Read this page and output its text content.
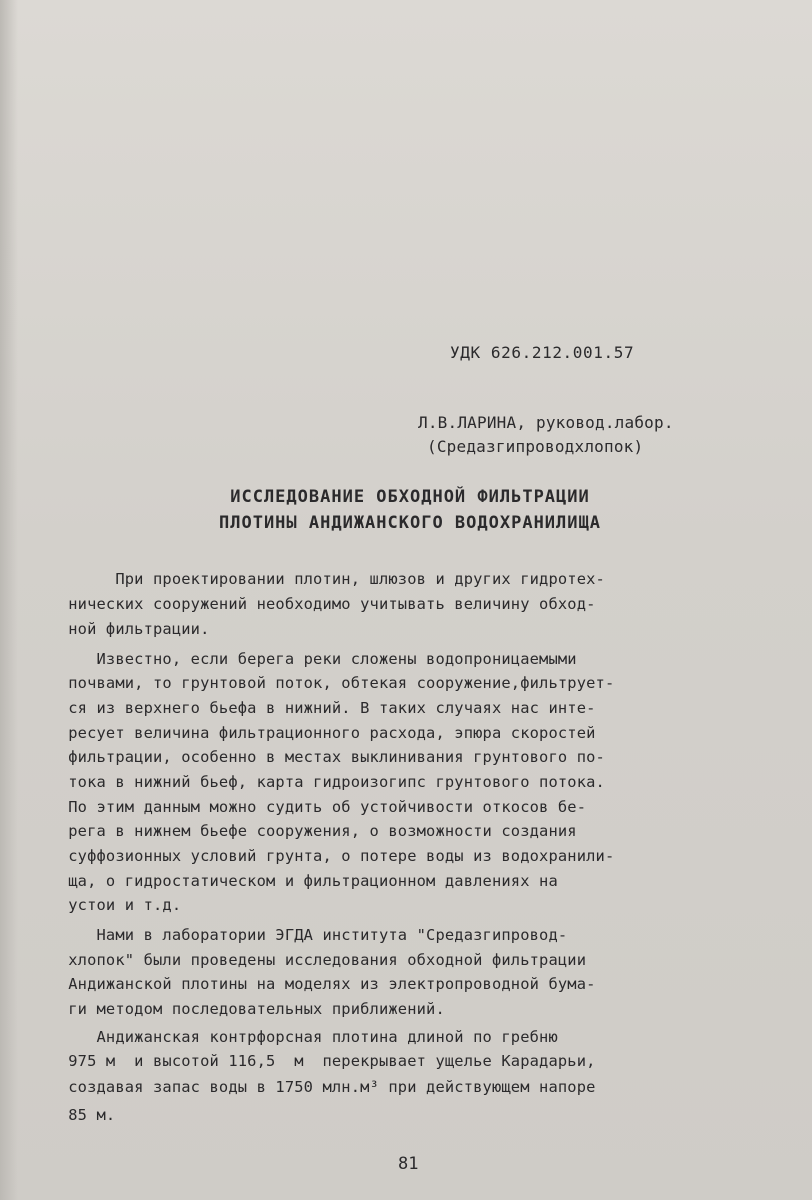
УДК 626.212.001.57
Л.В.ЛАРИНА, руковод.лабор.
(Средазгипроводхлопок)
ИССЛЕДОВАНИЕ ОБХОДНОЙ ФИЛЬТРАЦИИ
ПЛОТИНЫ АНДИЖАНСКОГО ВОДОХРАНИЛИЩА
При проектировании плотин, шлюзов и других гидротех-
нических сооружений необходимо учитывать величину обход-
ной фильтрации.
Известно, если берега реки сложены водопроницаемыми
почвами, то грунтовой поток, обтекая сооружение,фильтрует-
ся из верхнего бьефа в нижний. В таких случаях нас инте-
ресует величина фильтрационного расхода, эпюра скоростей
фильтрации, особенно в местах выклинивания грунтового по-
тока в нижний бьеф, карта гидроизогипс грунтового потока.
По этим данным можно судить об устойчивости откосов бе-
рега в нижнем бьефе сооружения, о возможности создания
суффозионных условий грунта, о потере воды из водохранили-
ща, о гидростатическом и фильтрационном давлениях на
устои и т.д.
Нами в лаборатории ЭГДА института "Средазгипровод-
хлопок" были проведены исследования обходной фильтрации
Андижанской плотины на моделях из электропроводной бума-
ги методом последовательных приближений.
Андижанская контрфорсная плотина длиной по гребню
975 м  и высотой 116,5  м  перекрывает ущелье Карадарьи,
создавая запас воды в 1750 млн.м³ при действующем напоре
85 м.
81
